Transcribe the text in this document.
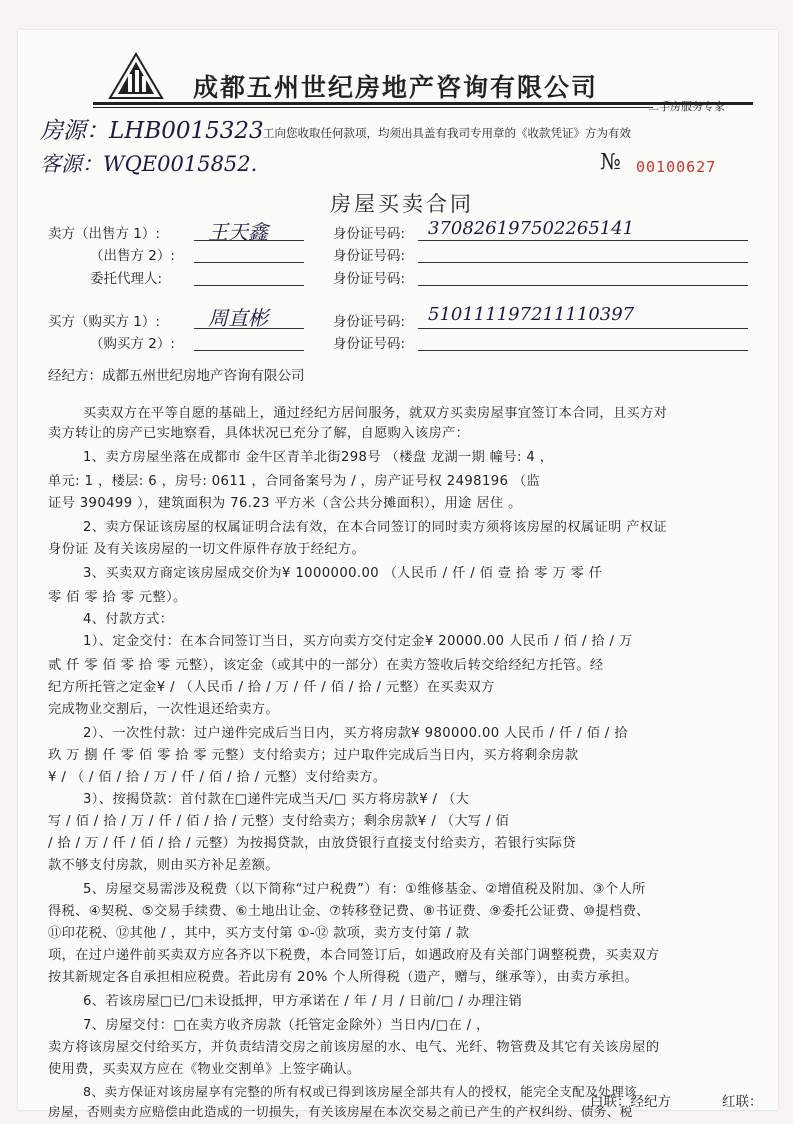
成都五州世纪房地产咨询有限公司
二手房服务专家
房源：LHB0015323 工向您收取任何款项，均须出具盖有我司专用章的《收款凭证》方为有效
客源：WQE0015852.	№ 00100627
房屋买卖合同
卖方（出售方 1）: 王天鑫	身份证号码: 370826197502265141
（出售方 2）:	身份证号码:
委托代理人:	身份证号码:
买方（购买方 1）: 周直彬	身份证号码: 510111197211110397
（购买方 2）:	身份证号码:
经纪方：成都五州世纪房地产咨询有限公司
买卖双方在平等自愿的基础上，通过经纪方居间服务，就双方买卖房屋事宜签订本合同，且买方对
卖方转让的房产已实地察看，具体状况已充分了解，自愿购入该房产：
1、卖方房屋坐落在成都市 金牛区青羊北街298号 （楼盘 龙湖一期 幢号: 4 ，
单元: 1 ，楼层: 6 ，房号: 0611 ，合同备案号为 / ，房产证号权 2498196 （监
证号 390499 ），建筑面积为 76.23 平方米（含公共分摊面积），用途 居住 。
2、卖方保证该房屋的权属证明合法有效，在本合同签订的同时卖方须将该房屋的权属证明 产权证
身份证 及有关该房屋的一切文件原件存放于经纪方。
3、买卖双方商定该房屋成交价为¥ 1000000.00 （人民币 / 仟 / 佰 壹 拾 零 万 零 仟
零 佰 零 拾 零 元整）。
4、付款方式：
1）、定金交付：在本合同签订当日，买方向卖方交付定金¥ 20000.00 人民币 / 佰 / 拾 / 万
贰 仟 零 佰 零 拾 零 元整），该定金（或其中的一部分）在卖方签收后转交给经纪方托管。经
纪方所托管之定金¥ / （人民币 / 拾 / 万 / 仟 / 佰 / 拾 / 元整）在买卖双方
完成物业交割后，一次性退还给卖方。
2）、一次性付款：过户递件完成后当日内，买方将房款¥ 980000.00 人民币 / 仟 / 佰 / 拾
玖 万 捌 仟 零 佰 零 拾 零 元整）支付给卖方；过户取件完成后当日内，买方将剩余房款
¥ / （ / 佰 / 拾 / 万 / 仟 / 佰 / 拾 / 元整）支付给卖方。
3）、按揭贷款：首付款在□递件完成当天/□ 买方将房款¥ / （大
写 / 佰 / 拾 / 万 / 仟 / 佰 / 拾 / 元整）支付给卖方；剩余房款¥ / （大写 / 佰
/ 拾 / 万 / 仟 / 佰 / 拾 / 元整）为按揭贷款，由放贷银行直接支付给卖方，若银行实际贷
款不够支付房款，则由买方补足差额。
5、房屋交易需涉及税费（以下简称“过户税费”）有：①维修基金、②增值税及附加、③个人所
得税、④契税、⑤交易手续费、⑥土地出让金、⑦转移登记费、⑧书证费、⑨委托公证费、⑩提档费、
⑪印花税、⑫其他 / ，其中，买方支付第 ①-⑫ 款项，卖方支付第 / 款
项，在过户递件前买卖双方应各齐以下税费，本合同签订后，如遇政府及有关部门调整税费，买卖双方
按其新规定各自承担相应税费。若此房有 20% 个人所得税（遗产，赠与，继承等），由卖方承担。
6、若该房屋□已/□未设抵押，甲方承诺在 / 年 / 月 / 日前/□ / 办理注销
7、房屋交付：□在卖方收齐房款（托管定金除外）当日内/□在 / ，
卖方将该房屋交付给买方，并负责结清交房之前该房屋的水、电气、光纤、物管费及其它有关该房屋的
使用费，买卖双方应在《物业交割单》上签字确认。
8、卖方保证对该房屋享有完整的所有权或已得到该房屋全部共有人的授权，能完全支配及处理该
房屋，否则卖方应赔偿由此造成的一切损失，有关该房屋在本次交易之前已产生的产权纠纷、债务、税
白联：经纪方	红联：
